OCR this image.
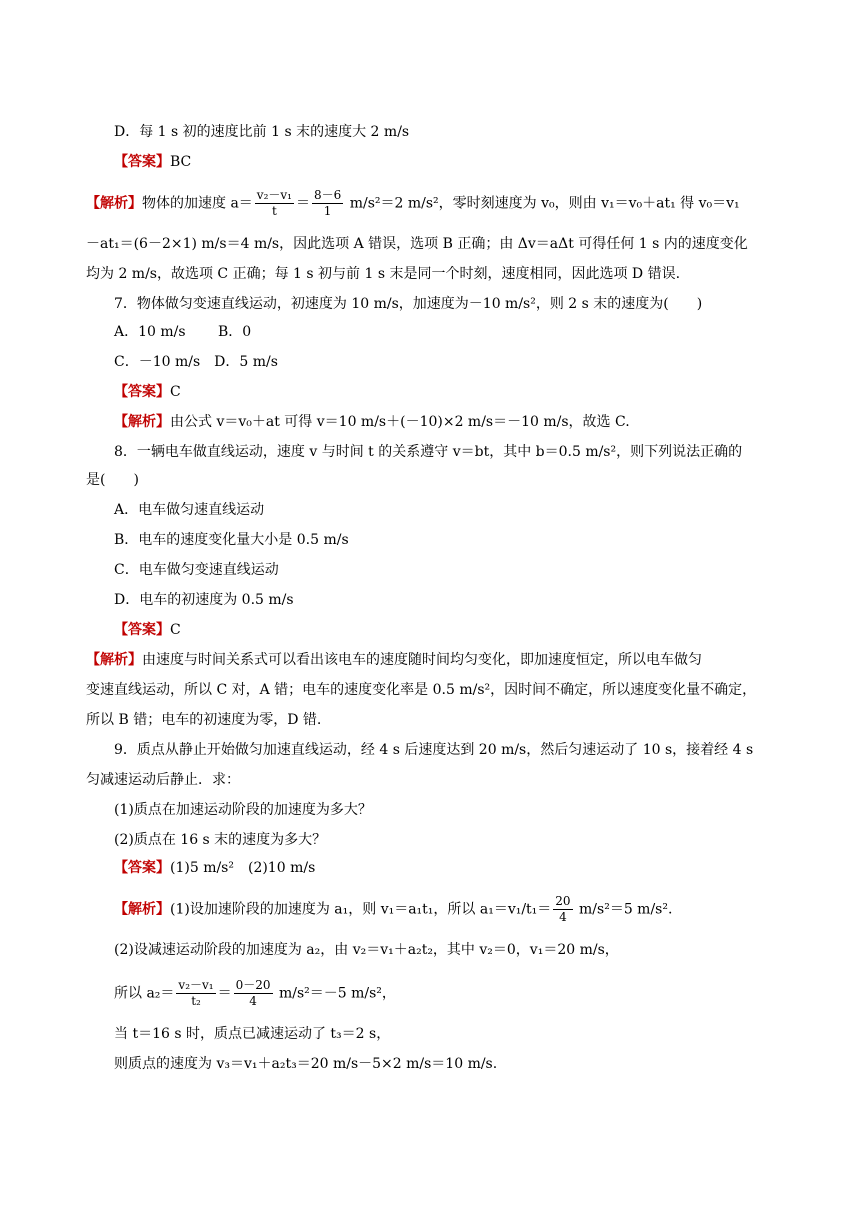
D．每 1 s 初的速度比前 1 s 末的速度大 2 m/s
【答案】BC
【解析】物体的加速度 $a= \frac{\text{v₂－v₁}}{t} = \frac{8-6}{1} m/s^2=2$ m/s²，零时刻速度为 v₀，则由 v₁＝v₀＋at₁ 得 v₀＝v₁
－at₁＝(6－2×1) m/s＝4 m/s，因此选项 A 错误，选项 B 正确；由 Δv＝aΔt 可得任何 1 s 内的速度变化
均为 2 m/s，故选项 C 正确；每 1 s 初与前 1 s 末是同一个时刻，速度相同，因此选项 D 错误.
7．物体做匀变速直线运动，初速度为 10 m/s，加速度为－10 m/s²，则 2 s 末的速度为(　　)
A．10 m/s　　 B．0
C．－10 m/s　D．5 m/s
【答案】C
【解析】由公式 v＝v₀＋at 可得 v＝10 m/s＋(－10)×2 m/s＝－10 m/s，故选 C.
8．一辆电车做直线运动，速度 v 与时间 t 的关系遵守 v＝bt，其中 b＝0.5 m/s²，则下列说法正确的
是(　　)
A．电车做匀速直线运动
B．电车的速度变化量大小是 0.5 m/s
C．电车做匀变速直线运动
D．电车的初速度为 0.5 m/s
【答案】C
【解析】由速度与时间关系式可以看出该电车的速度随时间均匀变化，即加速度恒定，所以电车做匀
变速直线运动，所以 C 对，A 错；电车的速度变化率是 0.5 m/s²，因时间不确定，所以速度变化量不确定，
所以 B 错；电车的初速度为零，D 错.
9．质点从静止开始做匀加速直线运动，经 4 s 后速度达到 20 m/s，然后匀速运动了 10 s，接着经 4 s
匀减速运动后静止．求：
(1)质点在加速运动阶段的加速度为多大？
(2)质点在 16 s 末的速度为多大？
【答案】(1)5 m/s²　(2)10 m/s
【解析】(1)设加速阶段的加速度为 a₁，则 v₁＝a₁t₁，所以 $a_1=v_1/t_1= \frac{20}{4} m/s^2=5$ m/s².
(2)设减速运动阶段的加速度为 a₂，由 v₂＝v₁＋a₂t₂，其中 v₂＝0，v₁＝20 m/s，
所以 $a_2= \frac{\text{v₂－v₁}}{\text{t₂}} = \frac{0-20}{4} m/s^2=-5$ m/s²，
当 t＝16 s 时，质点已减速运动了 t₃＝2 s，
则质点的速度为 v₃＝v₁＋a₂t₃＝20 m/s－5×2 m/s＝10 m/s.
